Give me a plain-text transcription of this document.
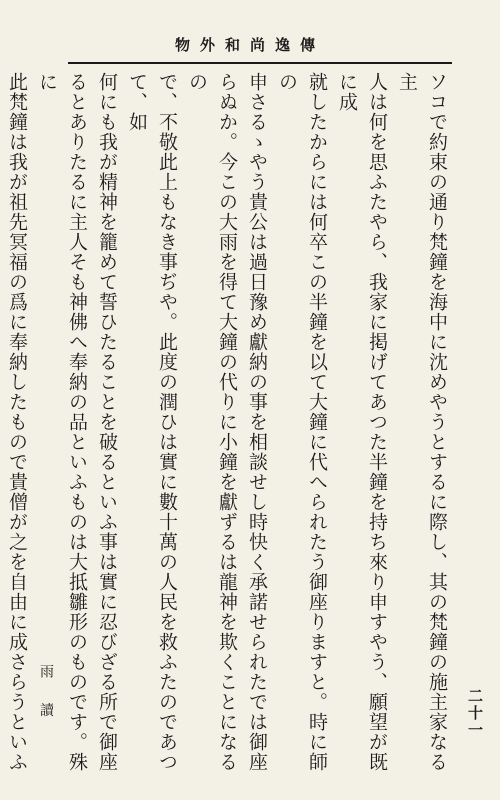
物外和尚逸傳
ソコで約束の通り梵鐘を海中に沈めやうとするに際し、其の梵鐘の施主家なる主
人は何を思ふたやら、我家に掲げてあつた半鐘を持ち來り申すやう、願望が既に成
就したからには何卒この半鐘を以て大鐘に代へられたう御座りますと。時に師の
申さるゝやう貴公は過日豫め獻納の事を相談せし時快く承諾せられたでは御座
らぬか。今この大雨を得て大鐘の代りに小鐘を獻ずるは龍神を欺くことになるの
で、不敬此上もなき事ぢや。此度の潤ひは實に數十萬の人民を救ふたのであつて、如
何にも我が精神を籠めて誓ひたることを破るといふ事は實に忍びざる所で御座
るとありたるに主人そも神佛へ奉納の品といふものは大抵雛形のものです。殊に
此梵鐘は我が祖先冥福の爲に奉納したもので貴僧が之を自由に成さらうといふ	二十一
雨 讀
